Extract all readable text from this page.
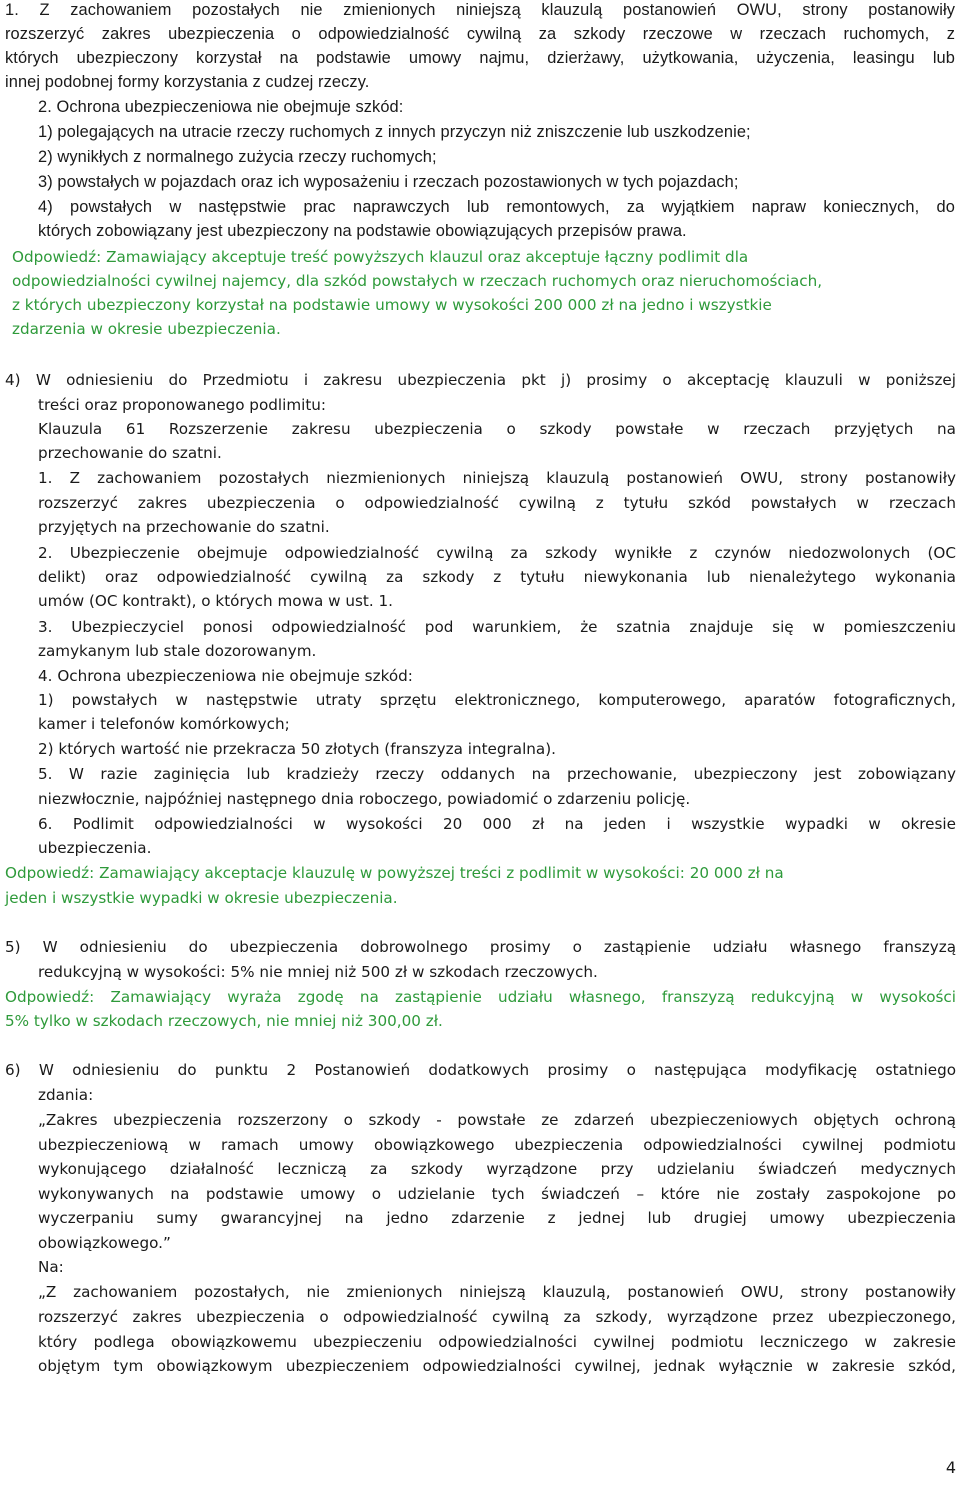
1. Z zachowaniem pozostałych nie zmienionych niniejszą klauzulą postanowień OWU, strony postanowiły
rozszerzyć zakres ubezpieczenia o odpowiedzialność cywilną za szkody rzeczowe w rzeczach ruchomych, z
których ubezpieczony korzystał na podstawie umowy najmu, dzierżawy, użytkowania, użyczenia, leasingu lub
innej podobnej formy korzystania z cudzej rzeczy.
2. Ochrona ubezpieczeniowa nie obejmuje szkód:
1) polegających na utracie rzeczy ruchomych z innych przyczyn niż zniszczenie lub uszkodzenie;
2) wynikłych z normalnego zużycia rzeczy ruchomych;
3) powstałych w pojazdach oraz ich wyposażeniu i rzeczach pozostawionych w tych pojazdach;
4) powstałych w następstwie prac naprawczych lub remontowych, za wyjątkiem napraw koniecznych, do
których zobowiązany jest ubezpieczony na podstawie obowiązujących przepisów prawa.
Odpowiedź: Zamawiający akceptuje treść powyższych klauzul oraz akceptuje łączny podlimit dla
odpowiedzialności cywilnej najemcy, dla szkód powstałych w rzeczach ruchomych oraz nieruchomościach,
z których ubezpieczony korzystał na podstawie umowy w wysokości 200 000 zł na jedno i wszystkie
zdarzenia w okresie ubezpieczenia.
4) W odniesieniu do Przedmiotu i zakresu ubezpieczenia pkt j) prosimy o akceptację klauzuli w poniższej
treści oraz proponowanego podlimitu:
Klauzula 61 Rozszerzenie zakresu ubezpieczenia o szkody powstałe w rzeczach przyjętych na
przechowanie do szatni.
1. Z zachowaniem pozostałych niezmienionych niniejszą klauzulą postanowień OWU, strony postanowiły
rozszerzyć zakres ubezpieczenia o odpowiedzialność cywilną z tytułu szkód powstałych w rzeczach
przyjętych na przechowanie do szatni.
2. Ubezpieczenie obejmuje odpowiedzialność cywilną za szkody wynikłe z czynów niedozwolonych (OC
delikt) oraz odpowiedzialność cywilną za szkody z tytułu niewykonania lub nienależytego wykonania
umów (OC kontrakt), o których mowa w ust. 1.
3. Ubezpieczyciel ponosi odpowiedzialność pod warunkiem, że szatnia znajduje się w pomieszczeniu
zamykanym lub stale dozorowanym.
4. Ochrona ubezpieczeniowa nie obejmuje szkód:
1) powstałych w następstwie utraty sprzętu elektronicznego, komputerowego, aparatów fotograficznych,
kamer i telefonów komórkowych;
2) których wartość nie przekracza 50 złotych (franszyza integralna).
5. W razie zaginięcia lub kradzieży rzeczy oddanych na przechowanie, ubezpieczony jest zobowiązany
niezwłocznie, najpóźniej następnego dnia roboczego, powiadomić o zdarzeniu policję.
6. Podlimit odpowiedzialności w wysokości 20 000 zł na jeden i wszystkie wypadki w okresie
ubezpieczenia.
Odpowiedź: Zamawiający akceptacje klauzulę w powyższej treści z podlimit w wysokości: 20 000 zł na
jeden i wszystkie wypadki w okresie ubezpieczenia.
5) W odniesieniu do ubezpieczenia dobrowolnego prosimy o zastąpienie udziału własnego franszyzą
redukcyjną w wysokości: 5% nie mniej niż 500 zł w szkodach rzeczowych.
Odpowiedź: Zamawiający wyraża zgodę na zastąpienie udziału własnego, franszyzą redukcyjną w wysokości
5% tylko w szkodach rzeczowych, nie mniej niż 300,00 zł.
6) W odniesieniu do punktu 2 Postanowień dodatkowych prosimy o następująca modyfikację ostatniego
zdania:
„Zakres ubezpieczenia rozszerzony o szkody - powstałe ze zdarzeń ubezpieczeniowych objętych ochroną
ubezpieczeniową w ramach umowy obowiązkowego ubezpieczenia odpowiedzialności cywilnej podmiotu
wykonującego działalność leczniczą za szkody wyrządzone przy udzielaniu świadczeń medycznych
wykonywanych na podstawie umowy o udzielanie tych świadczeń – które nie zostały zaspokojone po
wyczerpaniu sumy gwarancyjnej na jedno zdarzenie z jednej lub drugiej umowy ubezpieczenia
obowiązkowego.”
Na:
„Z zachowaniem pozostałych, nie zmienionych niniejszą klauzulą, postanowień OWU, strony postanowiły
rozszerzyć zakres ubezpieczenia o odpowiedzialność cywilną za szkody, wyrządzone przez ubezpieczonego,
który podlega obowiązkowemu ubezpieczeniu odpowiedzialności cywilnej podmiotu leczniczego w zakresie
objętym tym obowiązkowym ubezpieczeniem odpowiedzialności cywilnej, jednak wyłącznie w zakresie szkód,
4
